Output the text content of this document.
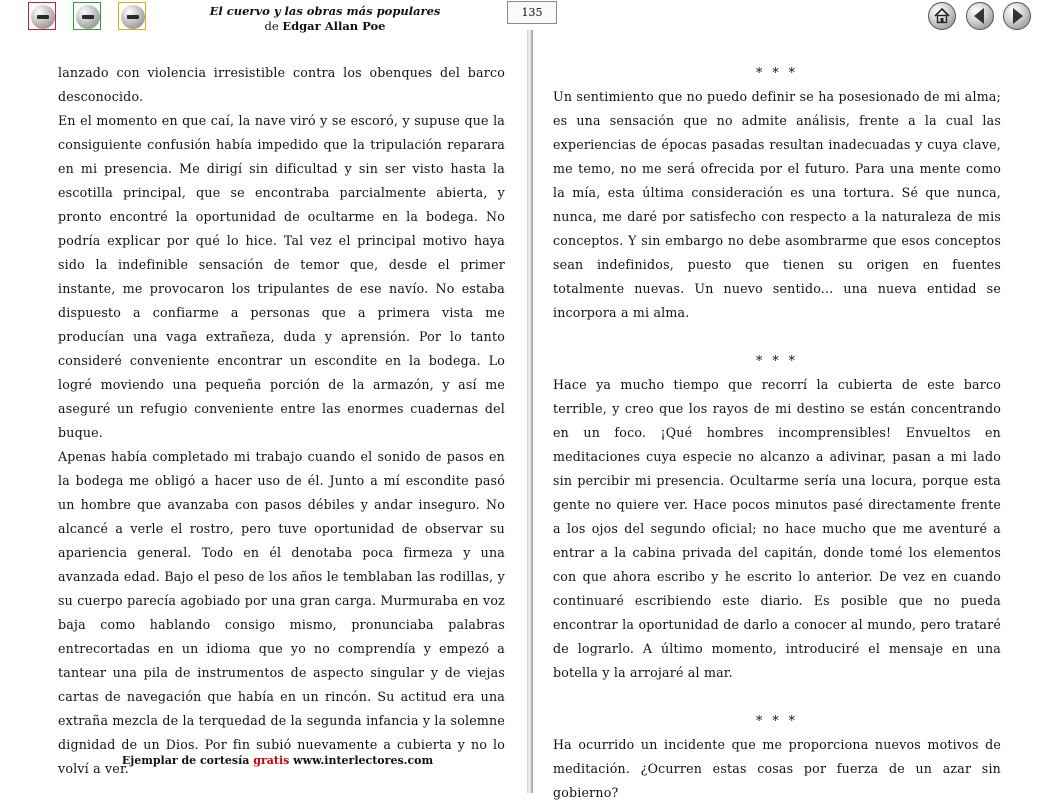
El cuervo y las obras más populares
de Edgar Allan Poe
135

lanzado con violencia irresistible contra los obenques del barco desconocido.

En el momento en que caí, la nave viró y se escoró, y supuse que la consiguiente confusión había impedido que la tripulación reparara en mi presencia. Me dirigí sin dificultad y sin ser visto hasta la escotilla principal, que se encontraba parcialmente abierta, y pronto encontré la oportunidad de ocultarme en la bodega. No podría explicar por qué lo hice. Tal vez el principal motivo haya sido la indefinible sensación de temor que, desde el primer instante, me provocaron los tripulantes de ese navío. No estaba dispuesto a confiarme a personas que a primera vista me producían una vaga extrañeza, duda y aprensión. Por lo tanto consideré conveniente encontrar un escondite en la bodega. Lo logré moviendo una pequeña porción de la armazón, y así me aseguré un refugio conveniente entre las enormes cuadernas del buque.

Apenas había completado mi trabajo cuando el sonido de pasos en la bodega me obligó a hacer uso de él. Junto a mí escondite pasó un hombre que avanzaba con pasos débiles y andar inseguro. No alcancé a verle el rostro, pero tuve oportunidad de observar su apariencia general. Todo en él denotaba poca firmeza y una avanzada edad. Bajo el peso de los años le temblaban las rodillas, y su cuerpo parecía agobiado por una gran carga. Murmuraba en voz baja como hablando consigo mismo, pronunciaba palabras entrecortadas en un idioma que yo no comprendía y empezó a tantear una pila de instrumentos de aspecto singular y de viejas cartas de navegación que había en un rincón. Su actitud era una extraña mezcla de la terquedad de la segunda infancia y la solemne dignidad de un Dios. Por fin subió nuevamente a cubierta y no lo volví a ver.

* * *

Un sentimiento que no puedo definir se ha posesionado de mi alma; es una sensación que no admite análisis, frente a la cual las experiencias de épocas pasadas resultan inadecuadas y cuya clave, me temo, no me será ofrecida por el futuro. Para una mente como la mía, esta última consideración es una tortura. Sé que nunca, nunca, me daré por satisfecho con respecto a la naturaleza de mis conceptos. Y sin embargo no debe asombrarme que esos conceptos sean indefinidos, puesto que tienen su origen en fuentes totalmente nuevas. Un nuevo sentido... una nueva entidad se incorpora a mi alma.

* * *

Hace ya mucho tiempo que recorrí la cubierta de este barco terrible, y creo que los rayos de mi destino se están concentrando en un foco. ¡Qué hombres incomprensibles! Envueltos en meditaciones cuya especie no alcanzo a adivinar, pasan a mi lado sin percibir mi presencia. Ocultarme sería una locura, porque esta gente no quiere ver. Hace pocos minutos pasé directamente frente a los ojos del segundo oficial; no hace mucho que me aventuré a entrar a la cabina privada del capitán, donde tomé los elementos con que ahora escribo y he escrito lo anterior. De vez en cuando continuaré escribiendo este diario. Es posible que no pueda encontrar la oportunidad de darlo a conocer al mundo, pero trataré de lograrlo. A último momento, introduciré el mensaje en una botella y la arrojaré al mar.

* * *

Ha ocurrido un incidente que me proporciona nuevos motivos de meditación. ¿Ocurren estas cosas por fuerza de un azar sin gobierno?

Ejemplar de cortesía gratis www.interlectores.com
